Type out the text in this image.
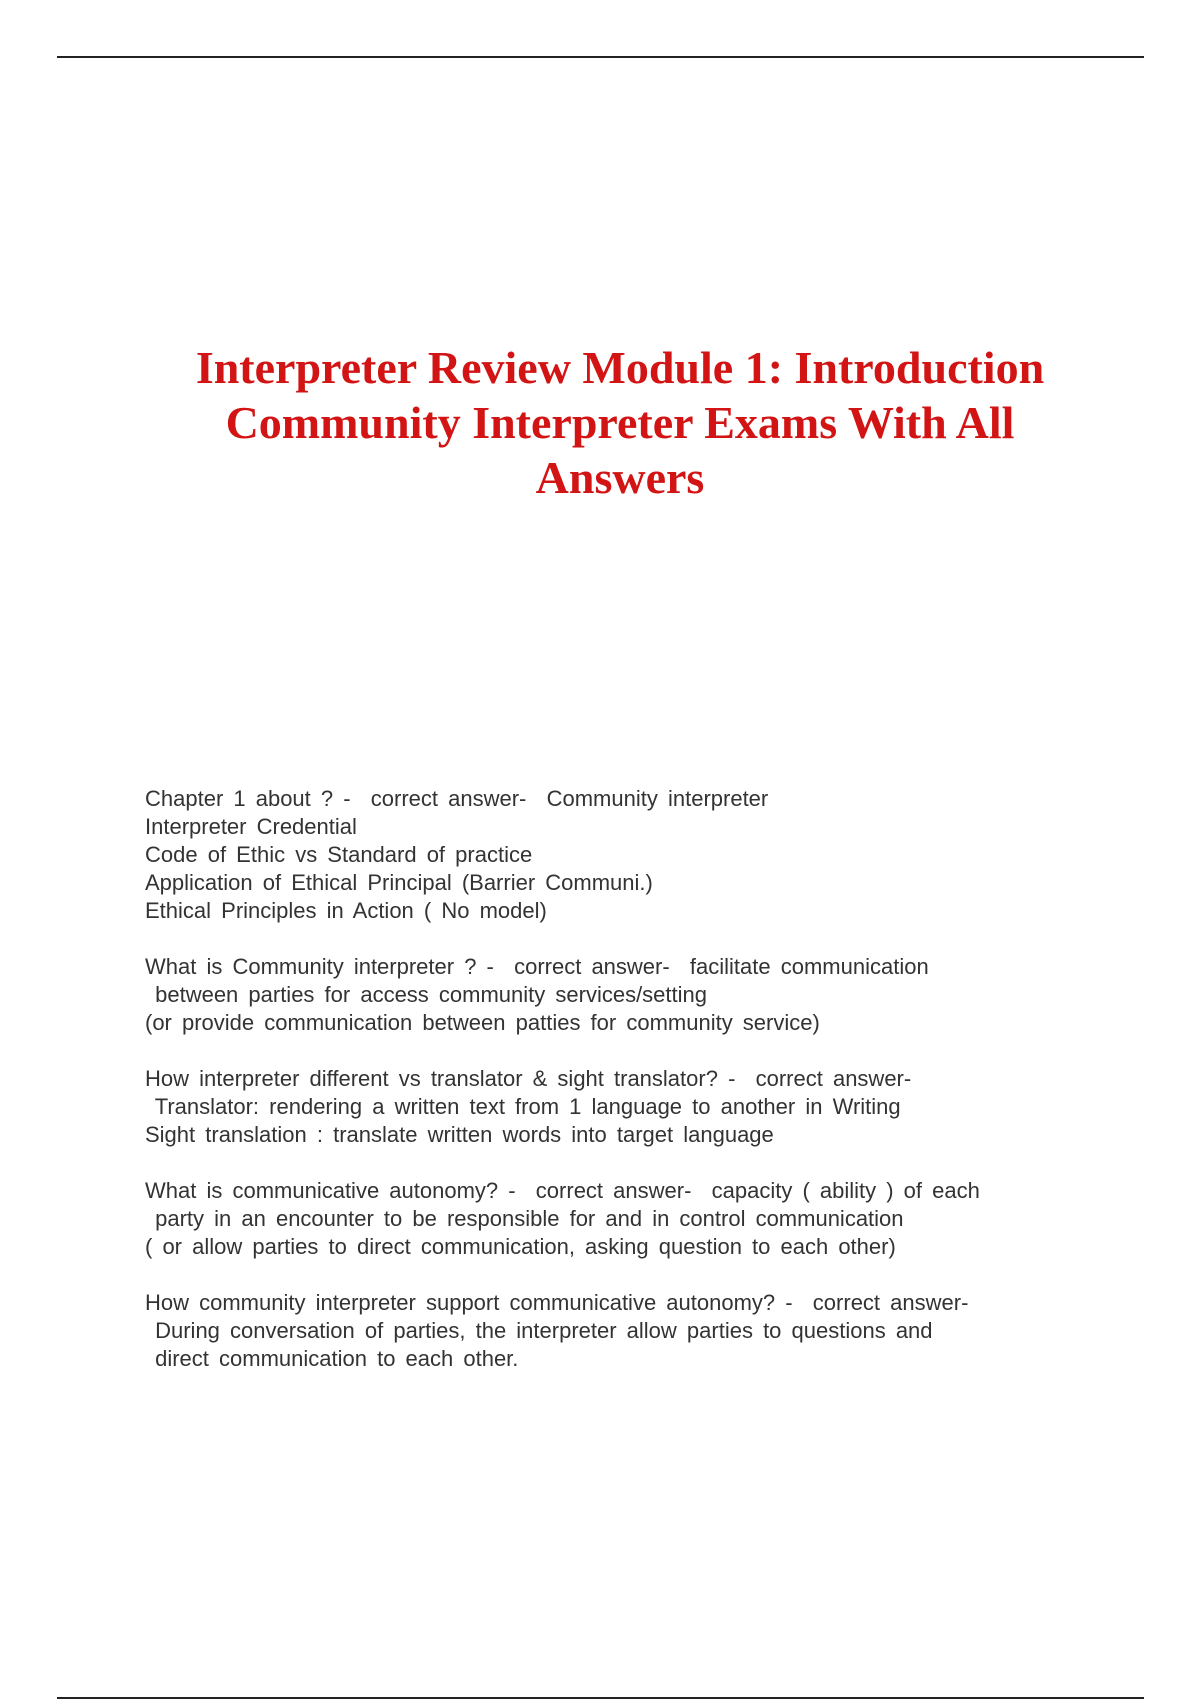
Interpreter Review Module 1: Introduction
Community Interpreter Exams With All
Answers
Chapter 1 about ? -  correct answer-  Community interpreter
Interpreter Credential
Code of Ethic vs Standard of practice
Application of Ethical Principal (Barrier Communi.)
Ethical Principles in Action ( No model)
What is Community interpreter ? -  correct answer-  facilitate communication
between parties for access community services/setting
(or provide communication between patties for community service)
How interpreter different vs translator & sight translator? -  correct answer-
Translator: rendering a written text from 1 language to another in Writing
Sight translation : translate written words into target language
What is communicative autonomy? -  correct answer-  capacity ( ability ) of each
party in an encounter to be responsible for and in control communication
( or allow parties to direct communication, asking question to each other)
How community interpreter support communicative autonomy? -  correct answer-
During conversation of parties, the interpreter allow parties to questions and
direct communication to each other.
